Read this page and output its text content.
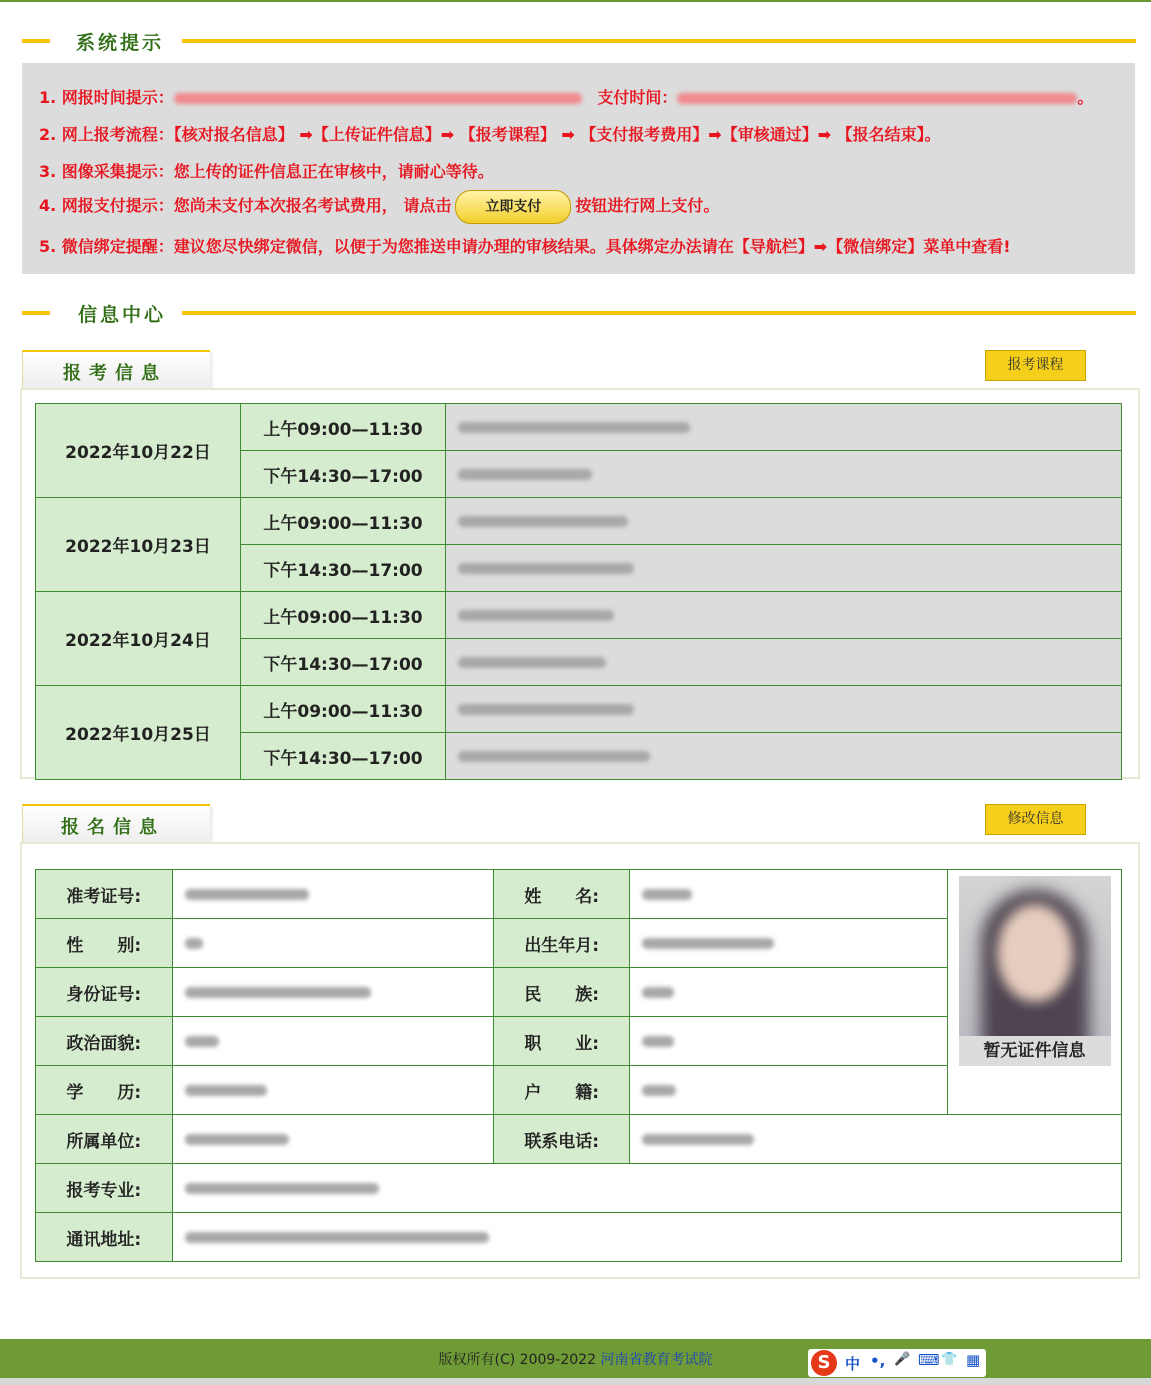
系统提示
1. 网报时间提示：	支付时间：	。
2. 网上报考流程：【核对报名信息】 ➡【上传证件信息】➡ 【报考课程】 ➡ 【支付报考费用】➡【审核通过】➡ 【报名结束】。
3. 图像采集提示：您上传的证件信息正在审核中，请耐心等待。
4. 网报支付提示：您尚未支付本次报名考试费用， 请点击 立即支付 按钮进行网上支付。
5. 微信绑定提醒：建议您尽快绑定微信，以便于为您推送申请办理的审核结果。具体绑定办法请在【导航栏】➡【微信绑定】菜单中查看!
信息中心
报考信息	报考课程
2022年10月22日	上午09:00—11:30	
	下午14:30—17:00	
2022年10月23日	上午09:00—11:30	
	下午14:30—17:00	
2022年10月24日	上午09:00—11:30	
	下午14:30—17:00	
2022年10月25日	上午09:00—11:30	
	下午14:30—17:00	
报名信息	修改信息
准考证号:		姓　　名:		暂无证件信息

性　　别:		出生年月:		
身份证号:		民　　族:		
政治面貌:		职　　业:		
学　　历:		户　　籍:		
所属单位:		联系电话:		
报考专业:				
通讯地址:				
版权所有(C) 2009-2022 河南省教育考试院	S 中 •, 🎤 ⌨ 👕 ▦
